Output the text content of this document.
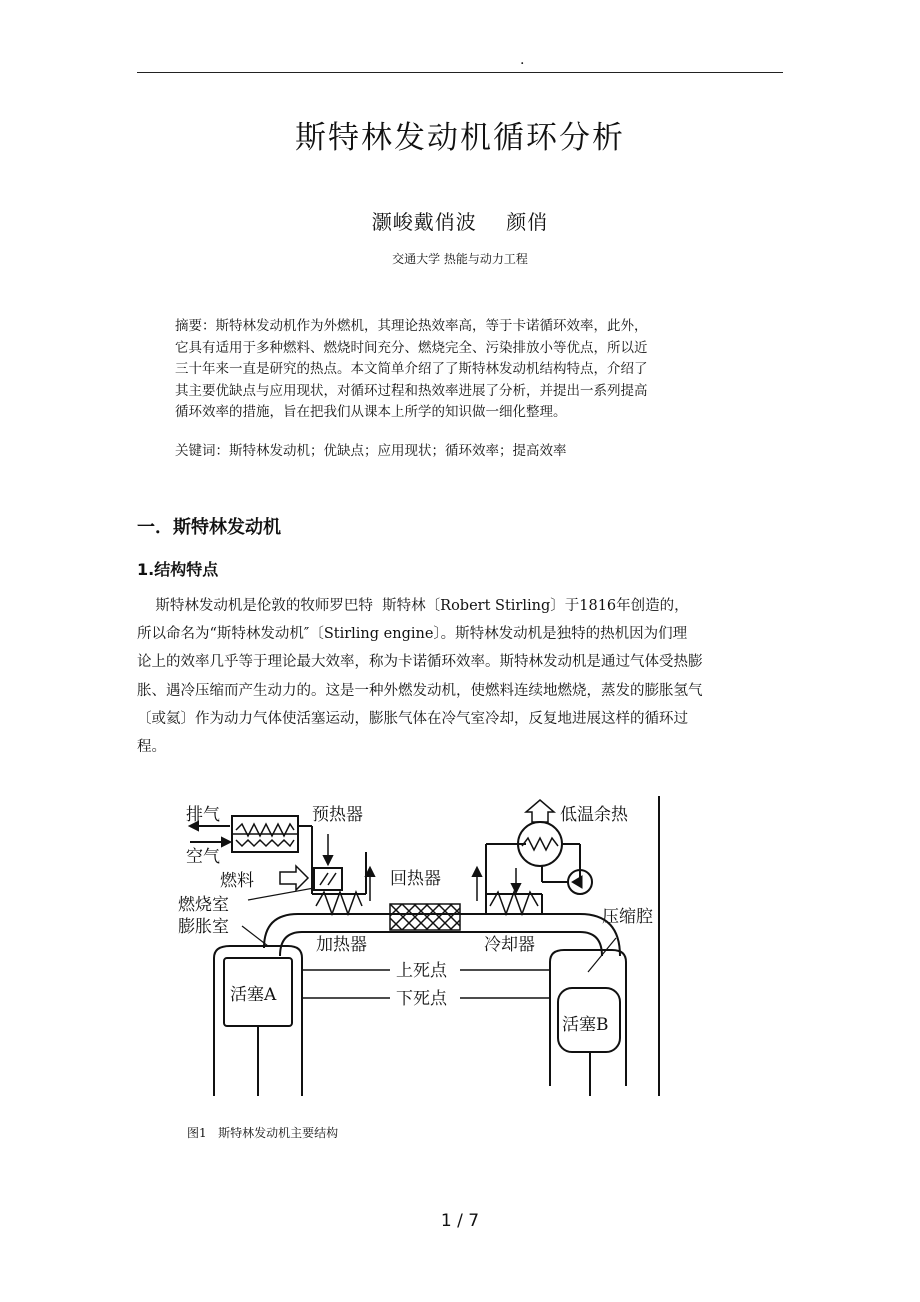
.
斯特林发动机循环分析
灏峻戴俏波    颜俏
交通大学 热能与动力工程
摘要：斯特林发动机作为外燃机，其理论热效率高，等于卡诺循环效率，此外，
它具有适用于多种燃料、燃烧时间充分、燃烧完全、污染排放小等优点，所以近
三十年来一直是研究的热点。本文简单介绍了了斯特林发动机结构特点，介绍了
其主要优缺点与应用现状，对循环过程和热效率进展了分析，并提出一系列提高
循环效率的措施，旨在把我们从课本上所学的知识做一细化整理。
关键词：斯特林发动机；优缺点；应用现状；循环效率；提高效率
一．斯特林发动机
1.结构特点
斯特林发动机是伦敦的牧师罗巴特  斯特林〔Robert Stirling〕于1816年创造的，
所以命名为“斯特林发动机″〔Stirling engine〕。斯特林发动机是独特的热机因为们理
论上的效率几乎等于理论最大效率，称为卡诺循环效率。斯特林发动机是通过气体受热膨
胀、遇冷压缩而产生动力的。这是一种外燃发动机，使燃料连续地燃烧，蒸发的膨胀氢气
〔或氦〕作为动力气体使活塞运动，膨胀气体在冷气室冷却，反复地进展这样的循环过
程。
排气	预热器	低温余热
空气
燃料	回热器
燃烧室
膨胀室	压缩腔
加热器	冷却器
上死点
下死点
活塞A
活塞B
图1   斯特林发动机主要结构
1 / 7
